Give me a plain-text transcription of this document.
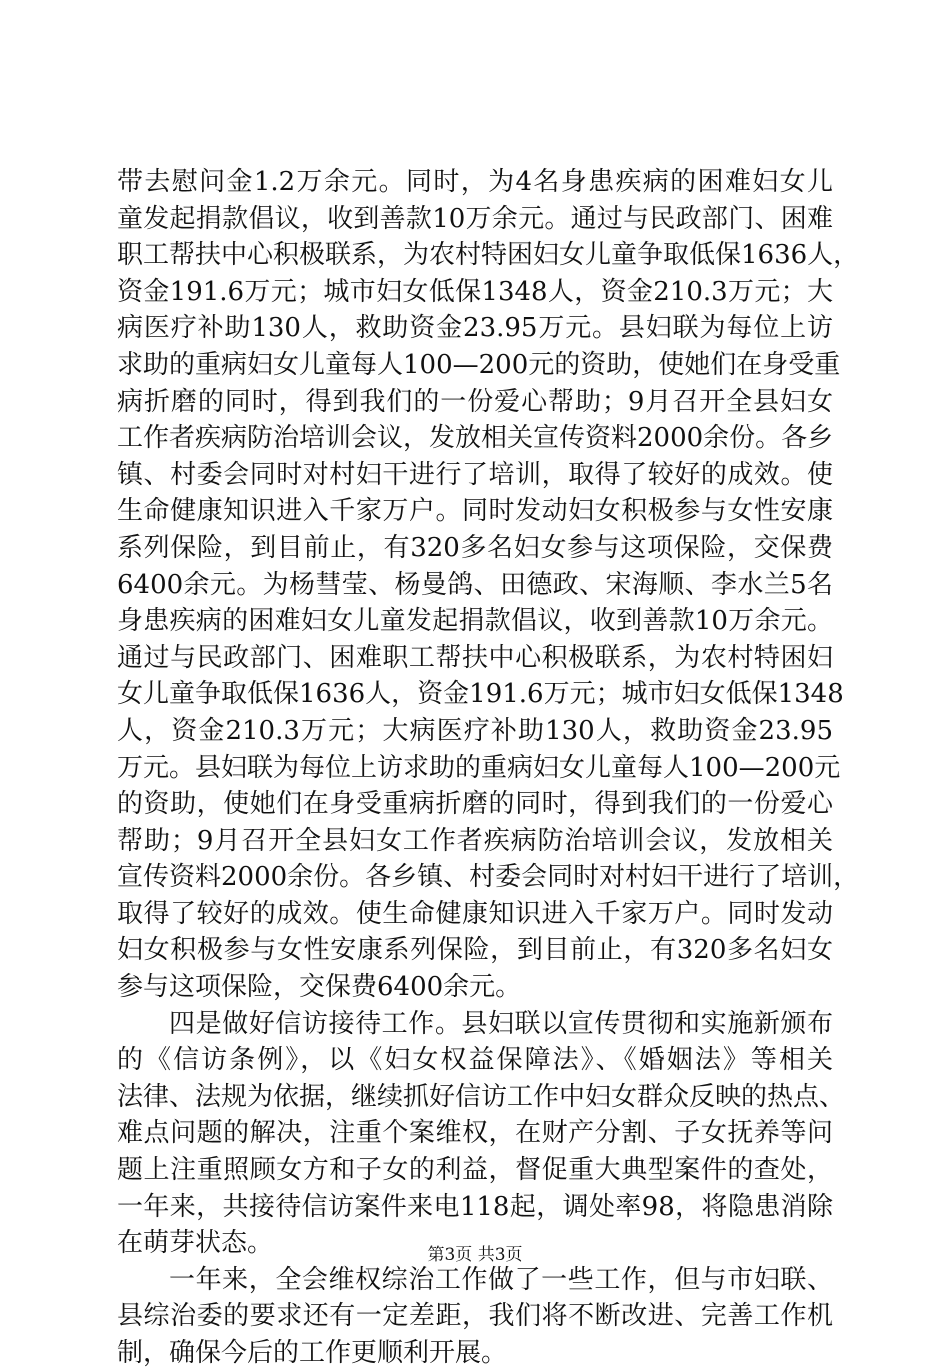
带去慰问金1.2万余元。同时，为4名身患疾病的困难妇女儿
童发起捐款倡议，收到善款10万余元。通过与民政部门、困难
职工帮扶中心积极联系，为农村特困妇女儿童争取低保1636人，
资金191.6万元；城市妇女低保1348人，资金210.3万元；大
病医疗补助130人，救助资金23.95万元。县妇联为每位上访
求助的重病妇女儿童每人100—200元的资助，使她们在身受重
病折磨的同时，得到我们的一份爱心帮助；9月召开全县妇女
工作者疾病防治培训会议，发放相关宣传资料2000余份。各乡
镇、村委会同时对村妇干进行了培训，取得了较好的成效。使
生命健康知识进入千家万户。同时发动妇女积极参与女性安康
系列保险，到目前止，有320多名妇女参与这项保险，交保费
6400余元。为杨彗莹、杨曼鸽、田德政、宋海顺、李水兰5名
身患疾病的困难妇女儿童发起捐款倡议，收到善款10万余元。
通过与民政部门、困难职工帮扶中心积极联系，为农村特困妇
女儿童争取低保1636人，资金191.6万元；城市妇女低保1348
人，资金210.3万元；大病医疗补助130人，救助资金23.95
万元。县妇联为每位上访求助的重病妇女儿童每人100—200元
的资助，使她们在身受重病折磨的同时，得到我们的一份爱心
帮助；9月召开全县妇女工作者疾病防治培训会议，发放相关
宣传资料2000余份。各乡镇、村委会同时对村妇干进行了培训，
取得了较好的成效。使生命健康知识进入千家万户。同时发动
妇女积极参与女性安康系列保险，到目前止，有320多名妇女
参与这项保险，交保费6400余元。
四是做好信访接待工作。县妇联以宣传贯彻和实施新颁布
的《信访条例》，以《妇女权益保障法》、《婚姻法》等相关
法律、法规为依据，继续抓好信访工作中妇女群众反映的热点、
难点问题的解决，注重个案维权，在财产分割、子女抚养等问
题上注重照顾女方和子女的利益，督促重大典型案件的查处，
一年来，共接待信访案件来电118起，调处率98，将隐患消除
在萌芽状态。
一年来，全会维权综治工作做了一些工作，但与市妇联、
县综治委的要求还有一定差距，我们将不断改进、完善工作机
制，确保今后的工作更顺利开展。
第3页 共3页
